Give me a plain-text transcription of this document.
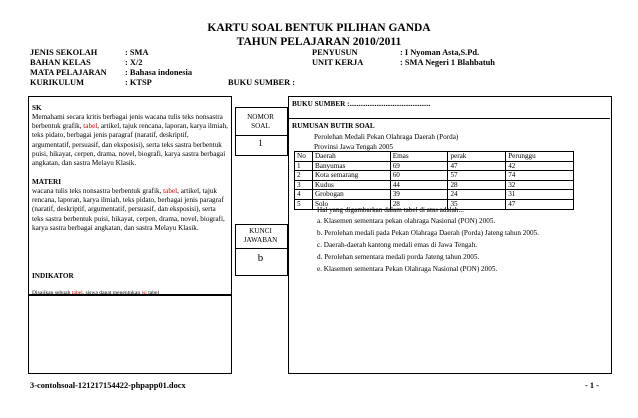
KARTU SOAL BENTUK PILIHAN GANDA
TAHUN PELAJARAN 2010/2011
JENIS SEKOLAH	: SMA
BAHAN KELAS	: X/2
MATA PELAJARAN : Bahasa indonesia
KURIKULUM	: KTSP	BUKU SUMBER :
PENYUSUN	: I Nyoman Asta,S.Pd.
UNIT KERJA	: SMA Negeri 1 Blahbatuh
SK
Memahami secara kritis berbagai jenis wacana tulis teks nonsastra berbentuk grafik, tabel, artikel, tajuk rencana, laporan, karya ilmiah, teks pidato, berbagai jenis paragraf (naratif, deskriptif, argumentatif, persuasif, dan eksposisi), serta teks sastra berbentuk puisi, hikayat, cerpen, drama, novel, biografi, karya sastra berbagai angkatan, dan sastra Melayu Klasik.
MATERI
wacana tulis teks nonsastra berbentuk grafik, tabel, artikel, tajuk rencana, laporan, karya ilmiah, teks pidato, berbagai jenis paragraf (naratif, deskriptif, argumentatif, persuasif, dan eksposisi), serta teks sastra berbentuk puisi, hikayat, cerpen, drama, novel, biografi, karya sastra berbagai angkatan, dan sastra Melayu Klasik.
INDIKATOR
Disajikan sebuah tabel, siswa dapat menentukan isi tabel
NOMOR
SOAL
1
KUNCI
JAWABAN
b
BUKU SUMBER :.............................................
RUMUSAN BUTIR SOAL
Perolehan Medali Pekan Olahraga Daerah (Porda)
Provinsi Jawa Tengah 2005
No	Daerah	Emas	perak	Perunggu
1	Banyumas	69	47	42
2	Kota semarang	60	57	74
3	Kudus	44	28	32
4	Grobogan	39	24	31
5	Solo	28	35	47
Hal yang digambarkan dalam tabel di atas adalah...
a. Klasemen sementara pekan olahraga Nasional (PON) 2005.
b. Perolehan medali pada Pekan Olahraga Daerah (Porda) Jateng tahun 2005.
c. Daerah-daerah kantong medali emas di Jawa Tengah.
d. Perolehan sementara medali porda Jateng tahun 2005.
e. Klasemen sementara Pekan Olahraga Nasional (PON) 2005.
3-contohsoal-121217154422-phpapp01.docx	- 1 -
